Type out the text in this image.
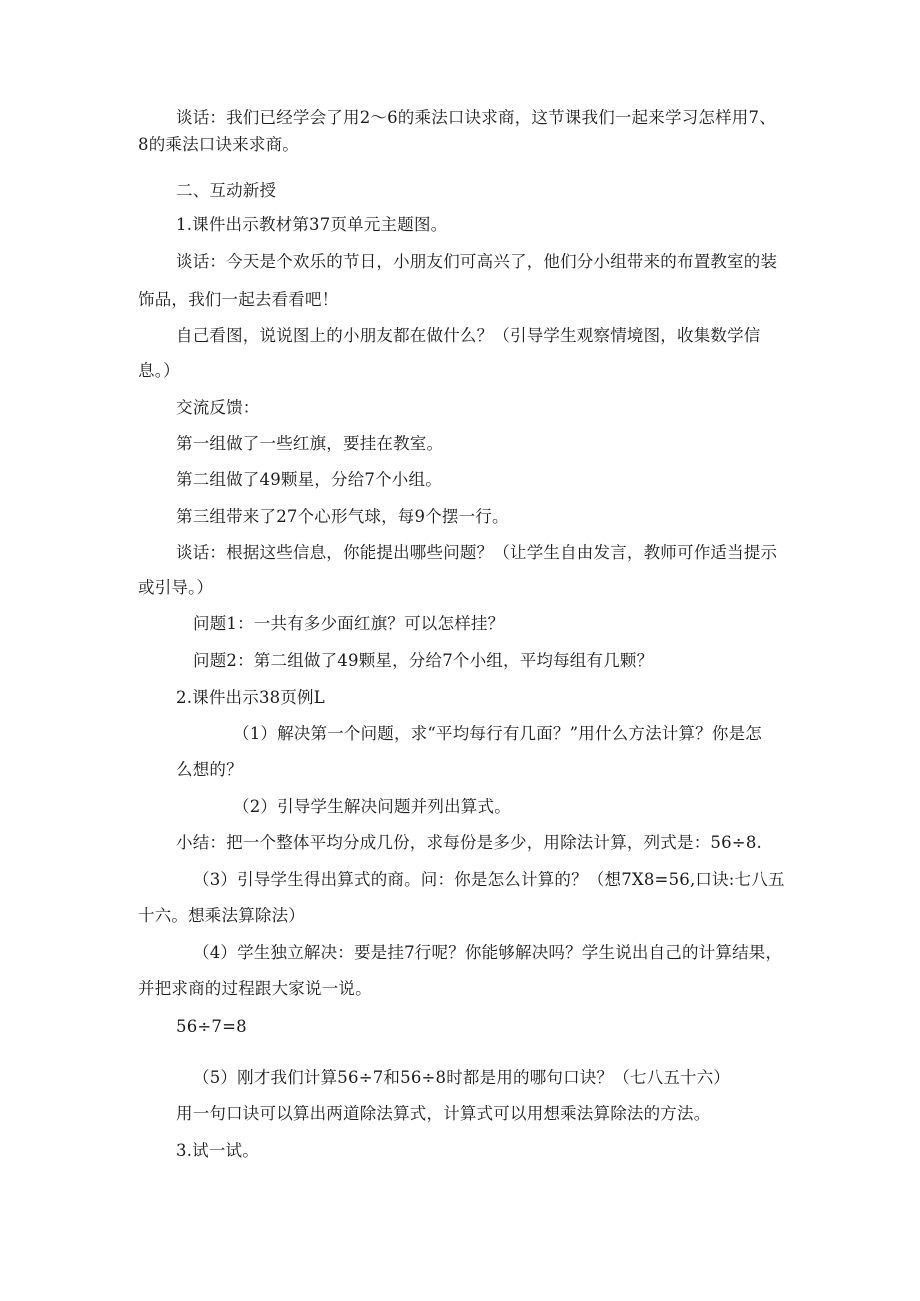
谈话：我们已经学会了用2～6的乘法口诀求商，这节课我们一起来学习怎样用7、
8的乘法口诀来求商。
二、互动新授
1.课件出示教材第37页单元主题图。
谈话：今天是个欢乐的节日，小朋友们可高兴了，他们分小组带来的布置教室的装
饰品，我们一起去看看吧！
自己看图，说说图上的小朋友都在做什么？（引导学生观察情境图，收集数学信
息。）
交流反馈：
第一组做了一些红旗，要挂在教室。
第二组做了49颗星，分给7个小组。
第三组带来了27个心形气球，每9个摆一行。
谈话：根据这些信息，你能提出哪些问题？（让学生自由发言，教师可作适当提示
或引导。）
问题1：一共有多少面红旗？可以怎样挂？
问题2：第二组做了49颗星，分给7个小组，平均每组有几颗？
2.课件出示38页例L
（1）解决第一个问题，求“平均每行有几面？”用什么方法计算？你是怎
么想的？
（2）引导学生解决问题并列出算式。
小结：把一个整体平均分成几份，求每份是多少，用除法计算，列式是：56÷8.
（3）引导学生得出算式的商。问：你是怎么计算的？（想7X8=56,口诀:七八五
十六。想乘法算除法）
（4）学生独立解决：要是挂7行呢？你能够解决吗？学生说出自己的计算结果，
并把求商的过程跟大家说一说。
56÷7=8
（5）刚才我们计算56÷7和56÷8时都是用的哪句口诀？（七八五十六）
用一句口诀可以算出两道除法算式，计算式可以用想乘法算除法的方法。
3.试一试。
